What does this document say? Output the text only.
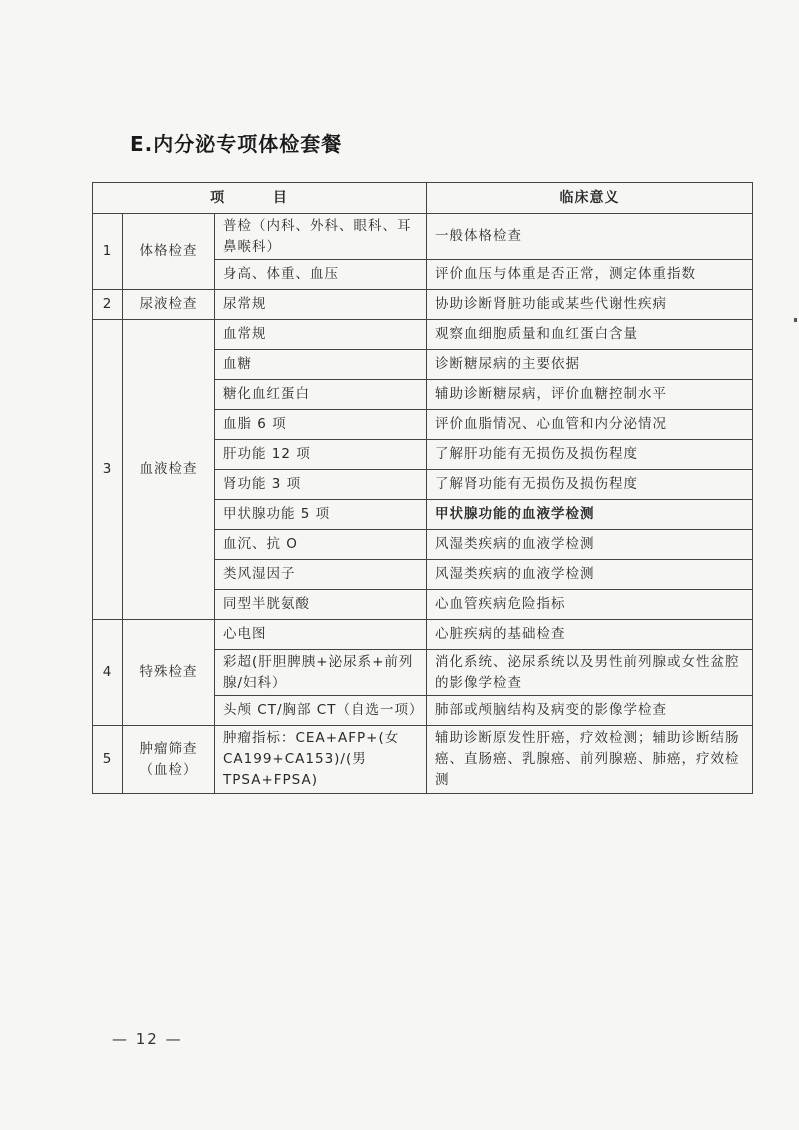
E.内分泌专项体检套餐
项 目			临床意义
1	体格检查	普检（内科、外科、眼科、耳鼻喉科）	一般体格检查
		身高、体重、血压	评价血压与体重是否正常，测定体重指数
2	尿液检查	尿常规	协助诊断肾脏功能或某些代谢性疾病
3	血液检查	血常规	观察血细胞质量和血红蛋白含量
		血糖	诊断糖尿病的主要依据
		糖化血红蛋白	辅助诊断糖尿病，评价血糖控制水平
		血脂 6 项	评价血脂情况、心血管和内分泌情况
		肝功能 12 项	了解肝功能有无损伤及损伤程度
		肾功能 3 项	了解肾功能有无损伤及损伤程度
		甲状腺功能 5 项	甲状腺功能的血液学检测
		血沉、抗 O	风湿类疾病的血液学检测
		类风湿因子	风湿类疾病的血液学检测
		同型半胱氨酸	心血管疾病危险指标
4	特殊检查	心电图	心脏疾病的基础检查
		彩超(肝胆脾胰+泌尿系+前列腺/妇科）	消化系统、泌尿系统以及男性前列腺或女性盆腔的影像学检查
		头颅 CT/胸部 CT（自选一项）	肺部或颅脑结构及病变的影像学检查
5	肿瘤筛查（血检）	肿瘤指标：CEA+AFP+(女 CA199+CA153)/(男 TPSA+FPSA)	辅助诊断原发性肝癌，疗效检测；辅助诊断结肠癌、直肠癌、乳腺癌、前列腺癌、肺癌，疗效检测
— 12 —
